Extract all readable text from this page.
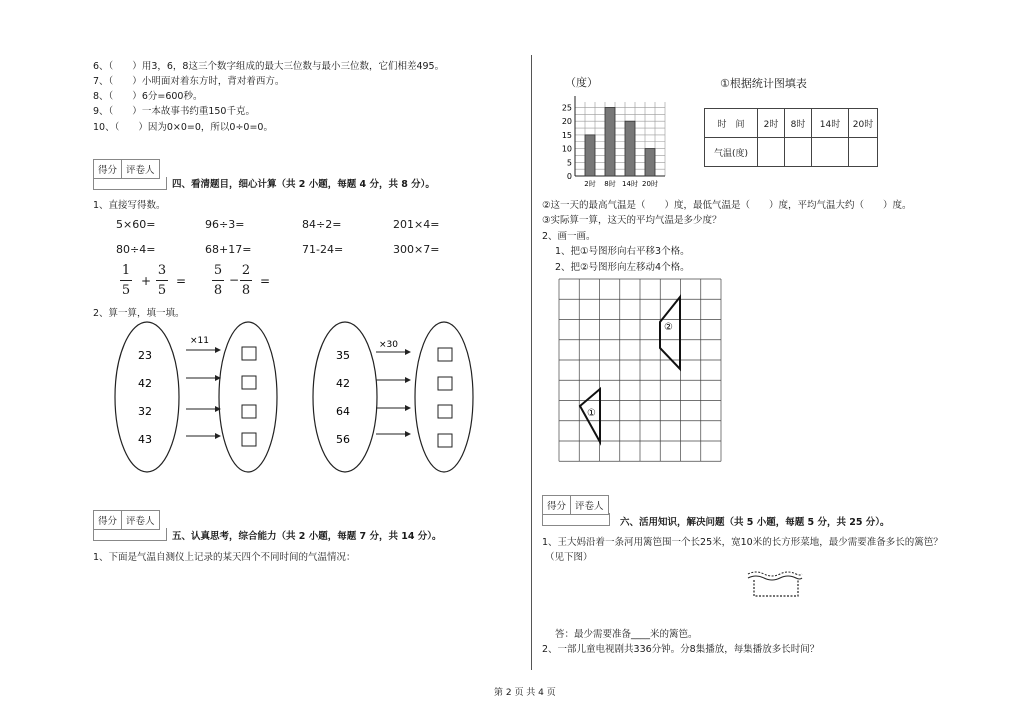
6、（　　）用3，6，8这三个数字组成的最大三位数与最小三位数，它们相差495。
7、（　　）小明面对着东方时，背对着西方。
8、（　　）6分=600秒。
9、（　　）一本故事书约重150千克。
10、（　　）因为0×0=0，所以0÷0=0。
得分 评卷人
四、看清题目，细心计算（共 2 小题，每题 4 分，共 8 分）。
1、直接写得数。
5×60=	96÷3=	84÷2=	201×4=
80÷4=	68+17=	71-24=	300×7=
1
5
+
3
5
=
5
8
−
2
8
=
2、算一算，填一填。
23
42
32
43
×11
35
42
64
56
×30
得分 评卷人
五、认真思考，综合能力（共 2 小题，每题 7 分，共 14 分）。
1、下面是气温自测仪上记录的某天四个不同时间的气温情况：
（度）	①根据统计图填表
0
5
10
15
20
25
2时 8时 14时 20时
时　间	2时	8时	14时	20时
气温(度)				
②这一天的最高气温是（　　）度，最低气温是（　　）度，平均气温大约（　　）度。
③实际算一算，这天的平均气温是多少度？
2、画一画。
1、把①号图形向右平移3个格。
2、把②号图形向左移动4个格。
②
①
得分 评卷人
六、活用知识，解决问题（共 5 小题，每题 5 分，共 25 分）。
1、王大妈沿着一条河用篱笆围一个长25米，宽10米的长方形菜地，最少需要准备多长的篱笆？
（见下图）
答：最少需要准备____米的篱笆。
2、一部儿童电视剧共336分钟。分8集播放，每集播放多长时间？
第 2 页 共 4 页
